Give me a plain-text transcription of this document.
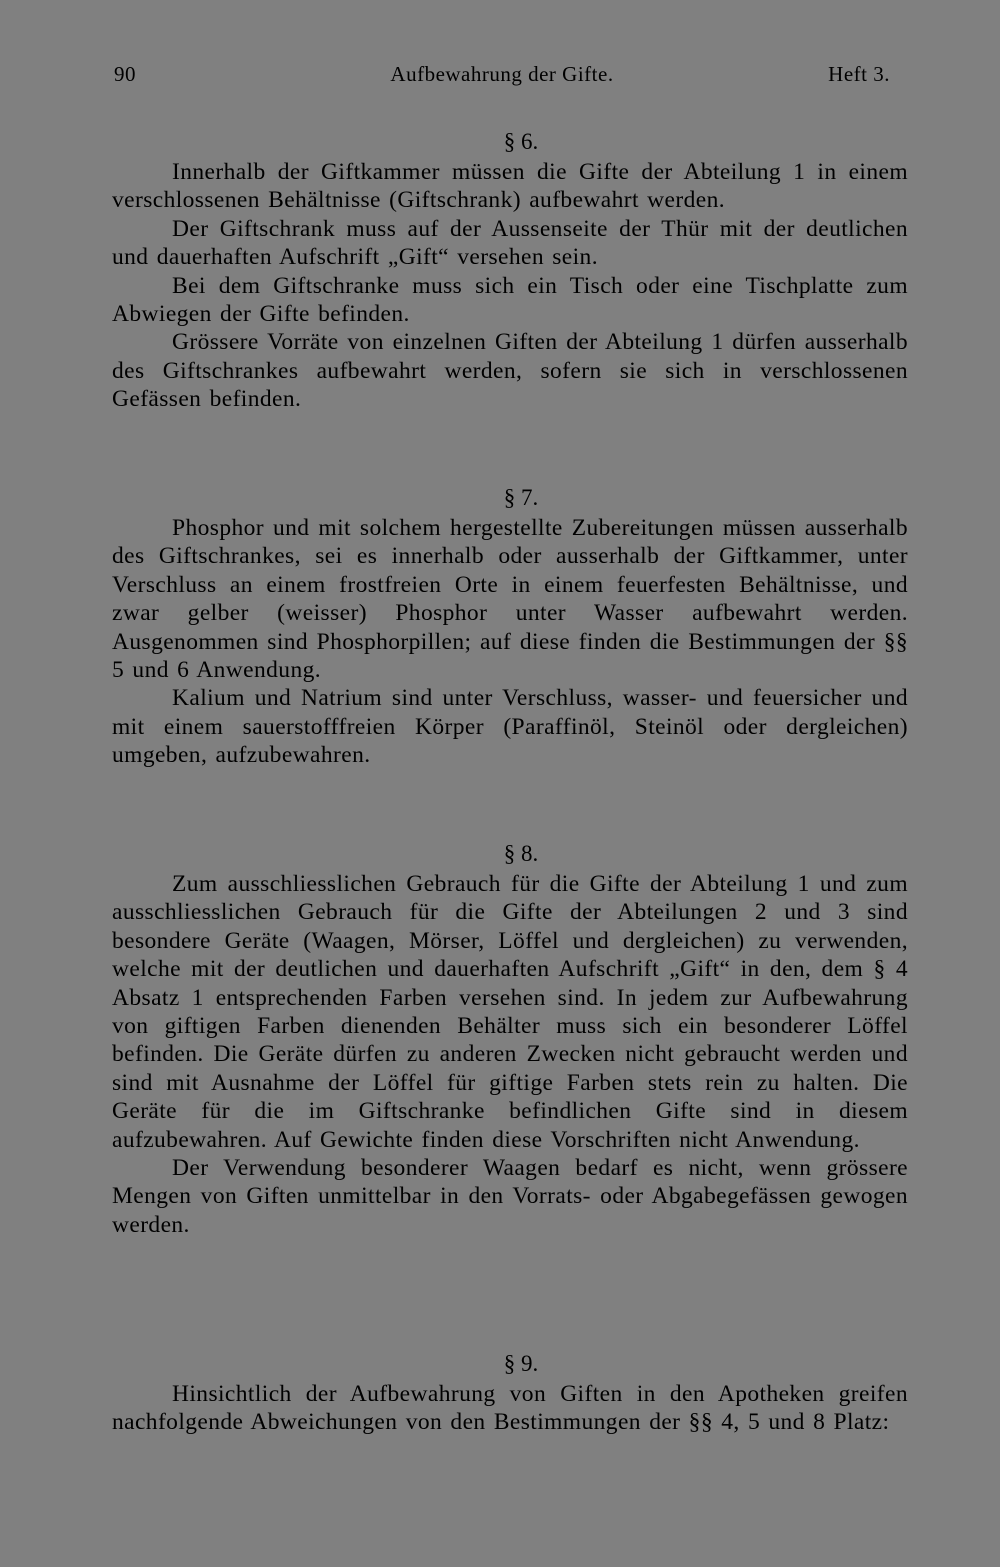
90	Aufbewahrung der Gifte.	Heft 3.
§ 6.

Innerhalb der Giftkammer müssen die Gifte der Abteilung 1 in einem verschlossenen Behältnisse (Giftschrank) aufbewahrt werden.

Der Giftschrank muss auf der Aussenseite der Thür mit der deutlichen und dauerhaften Aufschrift „Gift“ versehen sein.

Bei dem Giftschranke muss sich ein Tisch oder eine Tischplatte zum Abwiegen der Gifte befinden.

Grössere Vorräte von einzelnen Giften der Abteilung 1 dürfen ausserhalb des Giftschrankes aufbewahrt werden, sofern sie sich in verschlossenen Gefässen befinden.

§ 7.

Phosphor und mit solchem hergestellte Zubereitungen müssen ausserhalb des Giftschrankes, sei es innerhalb oder ausserhalb der Giftkammer, unter Verschluss an einem frostfreien Orte in einem feuerfesten Behältnisse, und zwar gelber (weisser) Phosphor unter Wasser aufbewahrt werden. Ausgenommen sind Phosphorpillen; auf diese finden die Bestimmungen der §§ 5 und 6 Anwendung.

Kalium und Natrium sind unter Verschluss, wasser- und feuersicher und mit einem sauerstofffreien Körper (Paraffinöl, Steinöl oder dergleichen) umgeben, aufzubewahren.

§ 8.

Zum ausschliesslichen Gebrauch für die Gifte der Abteilung 1 und zum ausschliesslichen Gebrauch für die Gifte der Abteilungen 2 und 3 sind besondere Geräte (Waagen, Mörser, Löffel und dergleichen) zu verwenden, welche mit der deutlichen und dauerhaften Aufschrift „Gift“ in den, dem § 4 Absatz 1 entsprechenden Farben versehen sind. In jedem zur Aufbewahrung von giftigen Farben dienenden Behälter muss sich ein besonderer Löffel befinden. Die Geräte dürfen zu anderen Zwecken nicht gebraucht werden und sind mit Ausnahme der Löffel für giftige Farben stets rein zu halten. Die Geräte für die im Giftschranke befindlichen Gifte sind in diesem aufzubewahren. Auf Gewichte finden diese Vorschriften nicht Anwendung.

Der Verwendung besonderer Waagen bedarf es nicht, wenn grössere Mengen von Giften unmittelbar in den Vorrats- oder Abgabegefässen gewogen werden.

§ 9.

Hinsichtlich der Aufbewahrung von Giften in den Apotheken greifen nachfolgende Abweichungen von den Bestimmungen der §§ 4, 5 und 8 Platz:
